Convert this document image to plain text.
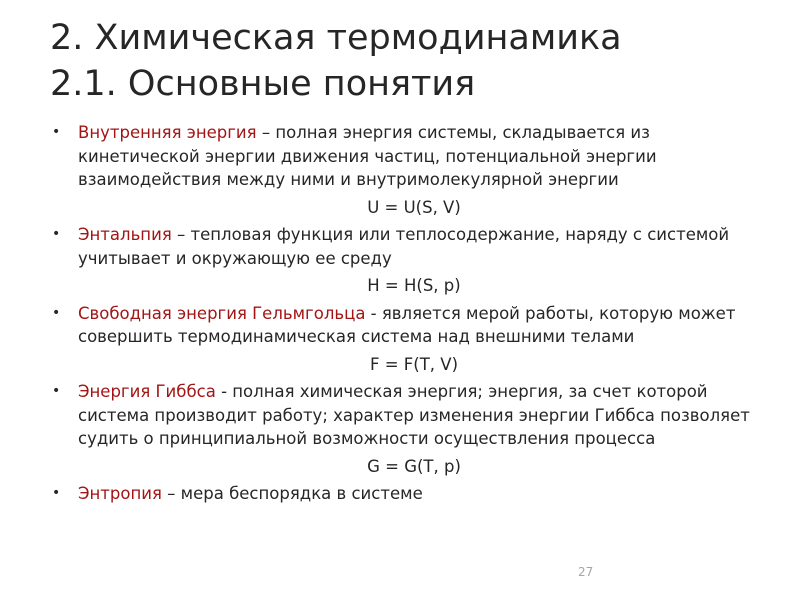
2. Химическая термодинамика
2.1. Основные понятия
• Внутренняя энергия – полная энергия системы, складывается из кинетической энергии движения частиц, потенциальной энергии взаимодействия между ними и внутримолекулярной энергии
U = U(S, V)
• Энтальпия – тепловая функция или теплосодержание, наряду с системой учитывает и окружающую ее среду
H = H(S, p)
• Свободная энергия Гельмгольца - является мерой работы, которую может совершить термодинамическая система над внешними телами
F = F(T, V)
• Энергия Гиббса - полная химическая энергия; энергия, за счет которой система производит работу; характер изменения энергии Гиббса позволяет судить о принципиальной возможности осуществления процесса
G = G(T, p)
• Энтропия – мера беспорядка в системе
27
